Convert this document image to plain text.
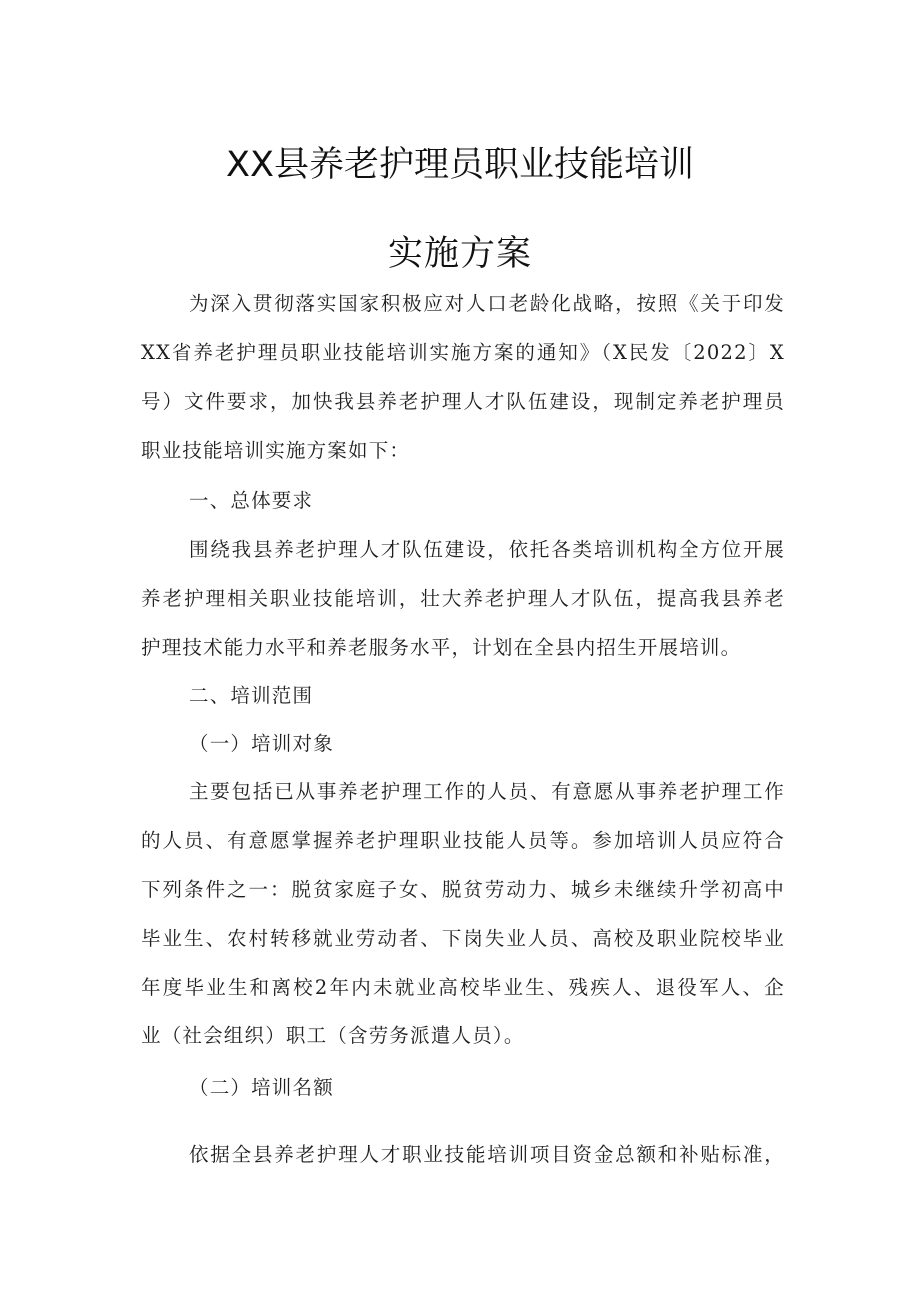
XX县养老护理员职业技能培训
实施方案

为深入贯彻落实国家积极应对人口老龄化战略，按照《关于印发

XX省养老护理员职业技能培训实施方案的通知》（X民发〔2022〕X

号）文件要求，加快我县养老护理人才队伍建设，现制定养老护理员

职业技能培训实施方案如下：

一、总体要求

围绕我县养老护理人才队伍建设，依托各类培训机构全方位开展

养老护理相关职业技能培训，壮大养老护理人才队伍，提高我县养老

护理技术能力水平和养老服务水平，计划在全县内招生开展培训。

二、培训范围

（一）培训对象

主要包括已从事养老护理工作的人员、有意愿从事养老护理工作

的人员、有意愿掌握养老护理职业技能人员等。参加培训人员应符合

下列条件之一：脱贫家庭子女、脱贫劳动力、城乡未继续升学初高中

毕业生、农村转移就业劳动者、下岗失业人员、高校及职业院校毕业

年度毕业生和离校2年内未就业高校毕业生、残疾人、退役军人、企

业（社会组织）职工（含劳务派遣人员）。

（二）培训名额

依据全县养老护理人才职业技能培训项目资金总额和补贴标准，
